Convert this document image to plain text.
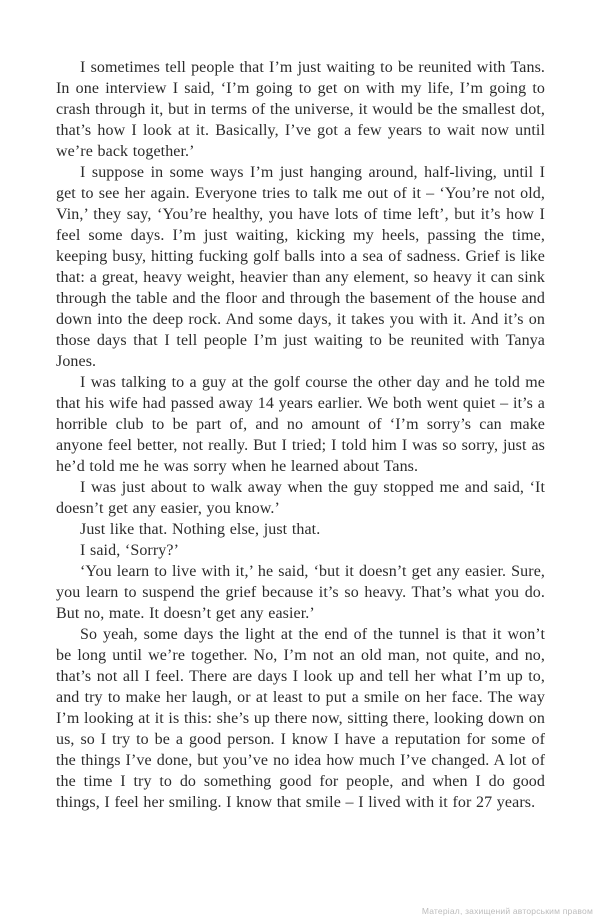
I sometimes tell people that I’m just waiting to be reunited with Tans. In one interview I said, ‘I’m going to get on with my life, I’m going to crash through it, but in terms of the universe, it would be the smallest dot, that’s how I look at it. Basically, I’ve got a few years to wait now until we’re back together.’

I suppose in some ways I’m just hanging around, half-living, until I get to see her again. Everyone tries to talk me out of it – ‘You’re not old, Vin,’ they say, ‘You’re healthy, you have lots of time left’, but it’s how I feel some days. I’m just waiting, kicking my heels, passing the time, keeping busy, hitting fucking golf balls into a sea of sadness. Grief is like that: a great, heavy weight, heavier than any element, so heavy it can sink through the table and the floor and through the basement of the house and down into the deep rock. And some days, it takes you with it. And it’s on those days that I tell people I’m just waiting to be reunited with Tanya Jones.

I was talking to a guy at the golf course the other day and he told me that his wife had passed away 14 years earlier. We both went quiet – it’s a horrible club to be part of, and no amount of ‘I’m sorry’s can make anyone feel better, not really. But I tried; I told him I was so sorry, just as he’d told me he was sorry when he learned about Tans.

I was just about to walk away when the guy stopped me and said, ‘It doesn’t get any easier, you know.’

Just like that. Nothing else, just that.

I said, ‘Sorry?’

‘You learn to live with it,’ he said, ‘but it doesn’t get any easier. Sure, you learn to suspend the grief because it’s so heavy. That’s what you do. But no, mate. It doesn’t get any easier.’

So yeah, some days the light at the end of the tunnel is that it won’t be long until we’re together. No, I’m not an old man, not quite, and no, that’s not all I feel. There are days I look up and tell her what I’m up to, and try to make her laugh, or at least to put a smile on her face. The way I’m looking at it is this: she’s up there now, sitting there, looking down on us, so I try to be a good person. I know I have a reputation for some of the things I’ve done, but you’ve no idea how much I’ve changed. A lot of the time I try to do something good for people, and when I do good things, I feel her smiling. I know that smile – I lived with it for 27 years.

Матеріал, захищений авторським правом
